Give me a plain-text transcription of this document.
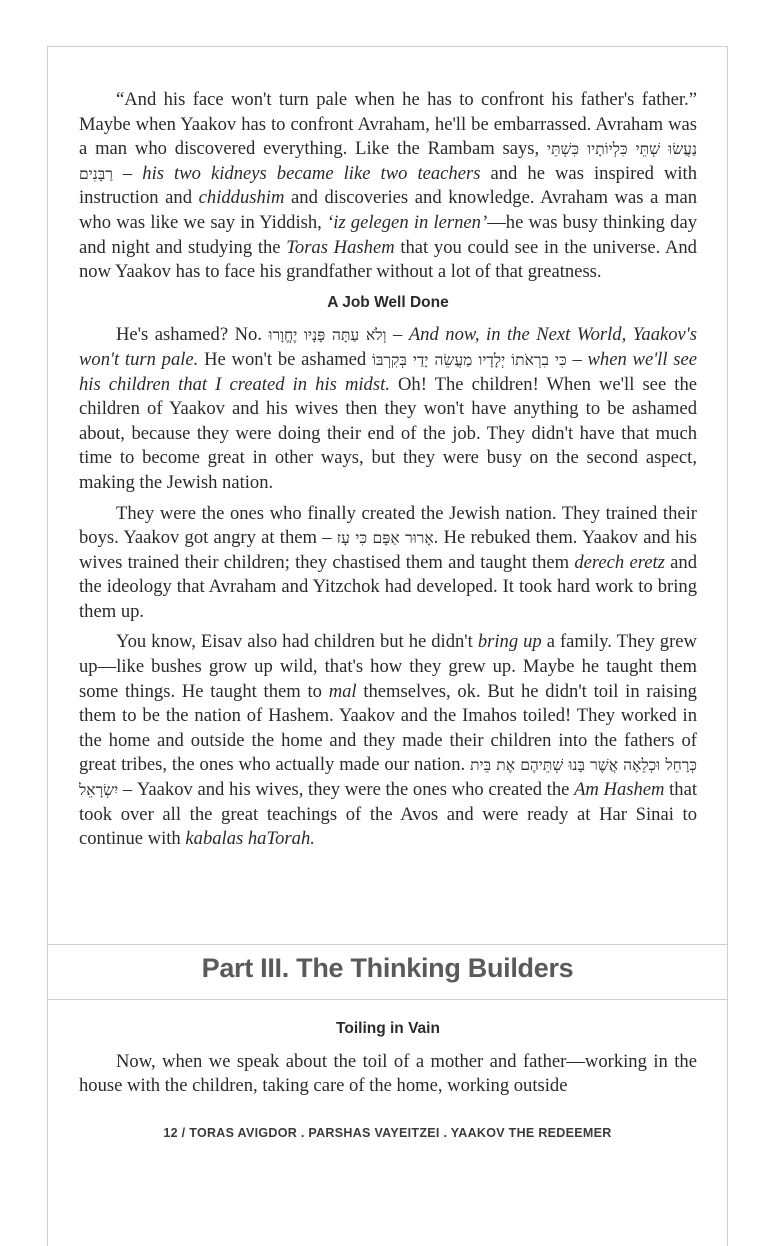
“And his face won't turn pale when he has to confront his father's father.” Maybe when Yaakov has to confront Avraham, he'll be embarrassed. Avraham was a man who discovered everything. Like the Rambam says, נַעֲשׂוּ שְׁתֵּי כִּלְיוֹתָיו כִּשְׁתֵּי רַבָּנִים – his two kidneys became like two teachers and he was inspired with instruction and chiddushim and discoveries and knowledge. Avraham was a man who was like we say in Yiddish, ‘iz gelegen in lernen’—he was busy thinking day and night and studying the Toras Hashem that you could see in the universe. And now Yaakov has to face his grandfather without a lot of that greatness.

A Job Well Done

He's ashamed? No. וְלֹא עַתָּה פָּנָיו יֶחֱוָרוּ – And now, in the Next World, Yaakov's won't turn pale. He won't be ashamed כִּי בִרְאֹתוֹ יְלָדָיו מַעֲשֵׂה יָדַי בְּקִרְבּוֹ – when we'll see his children that I created in his midst. Oh! The children! When we'll see the children of Yaakov and his wives then they won't have anything to be ashamed about, because they were doing their end of the job. They didn't have that much time to become great in other ways, but they were busy on the second aspect, making the Jewish nation.

They were the ones who finally created the Jewish nation. They trained their boys. Yaakov got angry at them – אָרוּר אַפָּם כִּי עָז. He rebuked them. Yaakov and his wives trained their children; they chastised them and taught them derech eretz and the ideology that Avraham and Yitzchok had developed. It took hard work to bring them up.

You know, Eisav also had children but he didn't bring up a family. They grew up—like bushes grow up wild, that's how they grew up. Maybe he taught them some things. He taught them to mal themselves, ok. But he didn't toil in raising them to be the nation of Hashem. Yaakov and the Imahos toiled! They worked in the home and outside the home and they made their children into the fathers of great tribes, the ones who actually made our nation. כְּרָחֵל וּכְלֵאָה אֲשֶׁר בָּנוּ שְׁתֵּיהֶם אֶת בֵּית יִשְׂרָאֵל – Yaakov and his wives, they were the ones who created the Am Hashem that took over all the great teachings of the Avos and were ready at Har Sinai to continue with kabalas haTorah.

Part III. The Thinking Builders
Toiling in Vain

Now, when we speak about the toil of a mother and father—working in the house with the children, taking care of the home, working outside

12 / TORAS AVIGDOR . PARSHAS VAYEITZEI . YAAKOV THE REDEEMER
